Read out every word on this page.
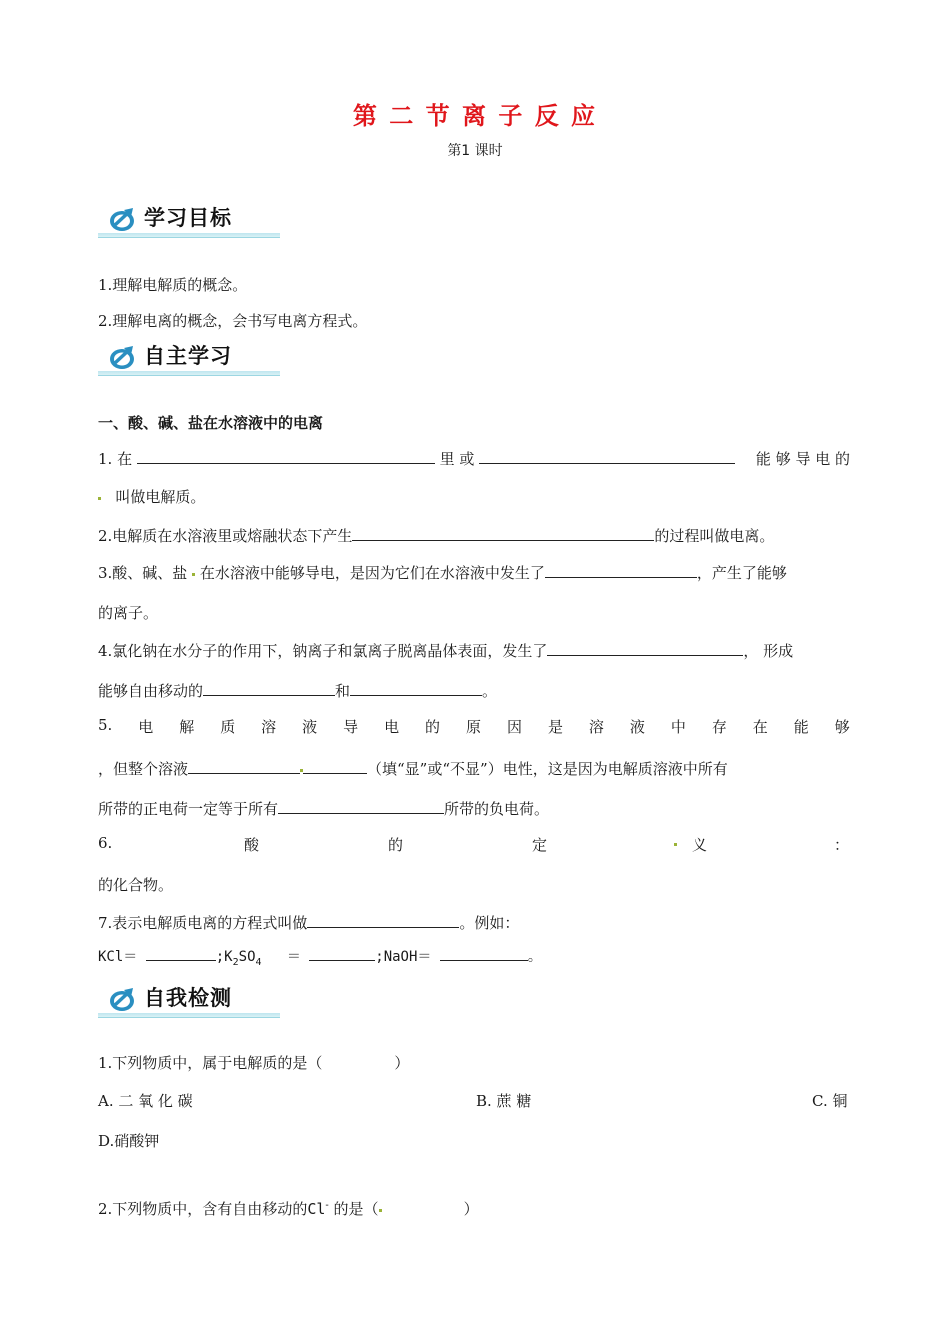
第 二 节 离 子 反 应
第1 课时
学习目标
1.理解电解质的概念。
2.理解电离的概念，会书写电离方程式。
自主学习
一、酸、碱、盐在水溶液中的电离
1. 在	里 或	能 够 导 电 的
叫做电解质。
2.电解质在水溶液里或熔融状态下产生	的过程叫做电离。
3.酸、碱、盐 在水溶液中能够导电，是因为它们在水溶液中发生了	，产生了能够
的离子。
4.氯化钠在水分子的作用下，钠离子和氯离子脱离晶体表面，发生了	， 形成
能够自由移动的	和	。
5. 电 解 质 溶 液 导 电 的 原 因 是 溶 液 中 存 在 能 够
，但整个溶液	（填“显”或“不显”）电性，这是因为电解质溶液中所有
所带的正电荷一定等于所有	所带的负电荷。
6.	酸	的	定	义	：
的化合物。
7.表示电解质电离的方程式叫做	。例如：
KCl＝	$;K_2SO_4$ ＝	;NaOH＝	。
自我检测
1.下列物质中，属于电解质的是（	）
A. 二 氧 化 碳	B. 蔗 糖	C. 铜
D.硝酸钾
2.下列物质中，含有自由移动的Cl- 的是（	）
